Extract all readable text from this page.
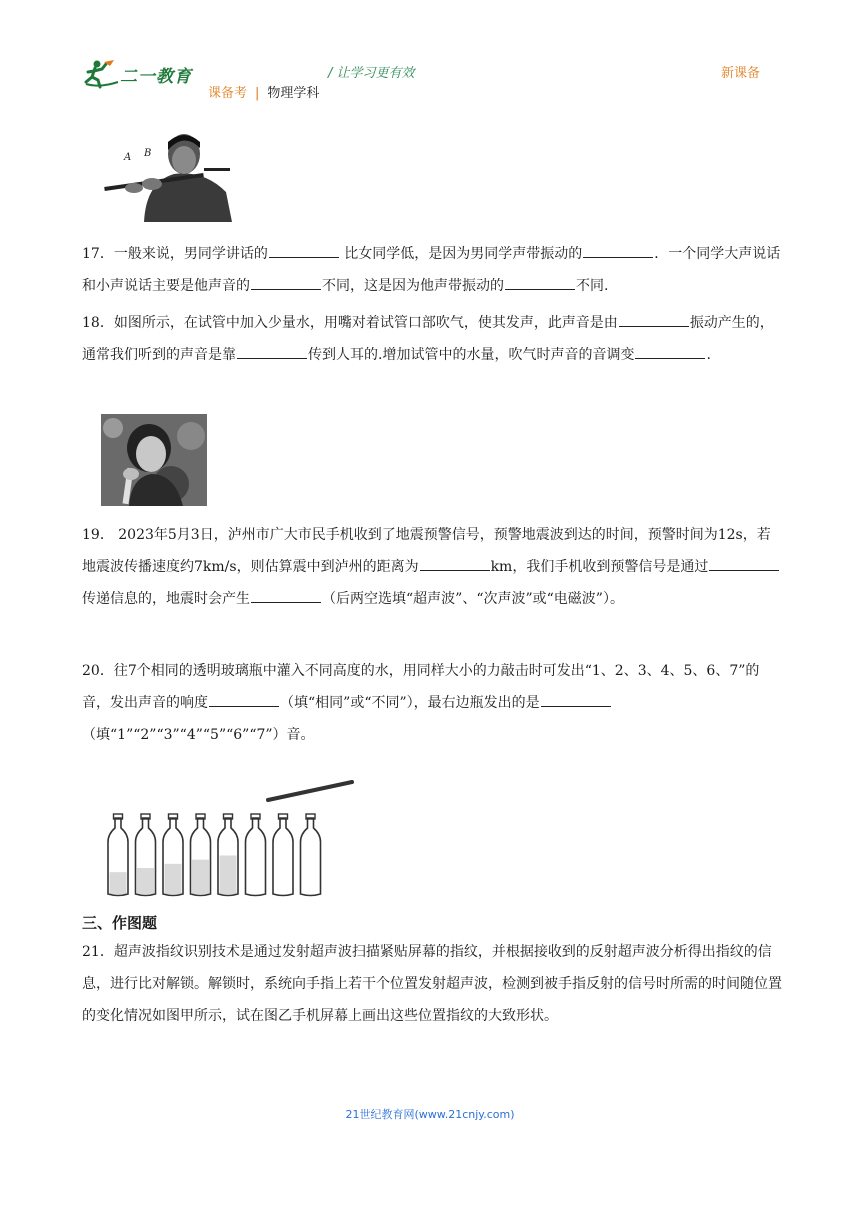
二一教育	/ 让学习更有效	新课备
课备考 | 物理学科
A B

17．一般来说，男同学讲话的	比女同学低，是因为男同学声带振动的	．一个同学大声说话和小声说话主要是他声音的	不同，这是因为他声带振动的	不同.

18．如图所示，在试管中加入少量水，用嘴对着试管口部吹气，使其发声，此声音是由	振动产生的，通常我们听到的声音是靠	传到人耳的.增加试管中的水量，吹气时声音的音调变	.

19． 2023年5月3日，泸州市广大市民手机收到了地震预警信号，预警地震波到达的时间，预警时间为12s，若地震波传播速度约7km/s，则估算震中到泸州的距离为	km，我们手机收到预警信号是通过传递信息的，地震时会产生	（后两空选填“超声波”、“次声波”或“电磁波”）。

20．往7个相同的透明玻璃瓶中灌入不同高度的水，用同样大小的力敲击时可发出“1、2、3、4、5、6、7”的音，发出声音的响度	（填“相同”或“不同”），最右边瓶发出的是（填“1”“2”“3”“4”“5”“6”“7”）音。

三、作图题

21．超声波指纹识别技术是通过发射超声波扫描紧贴屏幕的指纹，并根据接收到的反射超声波分析得出指纹的信息，进行比对解锁。解锁时，系统向手指上若干个位置发射超声波，检测到被手指反射的信号时所需的时间随位置的变化情况如图甲所示，试在图乙手机屏幕上画出这些位置指纹的大致形状。

21世纪教育网(www.21cnjy.com)
